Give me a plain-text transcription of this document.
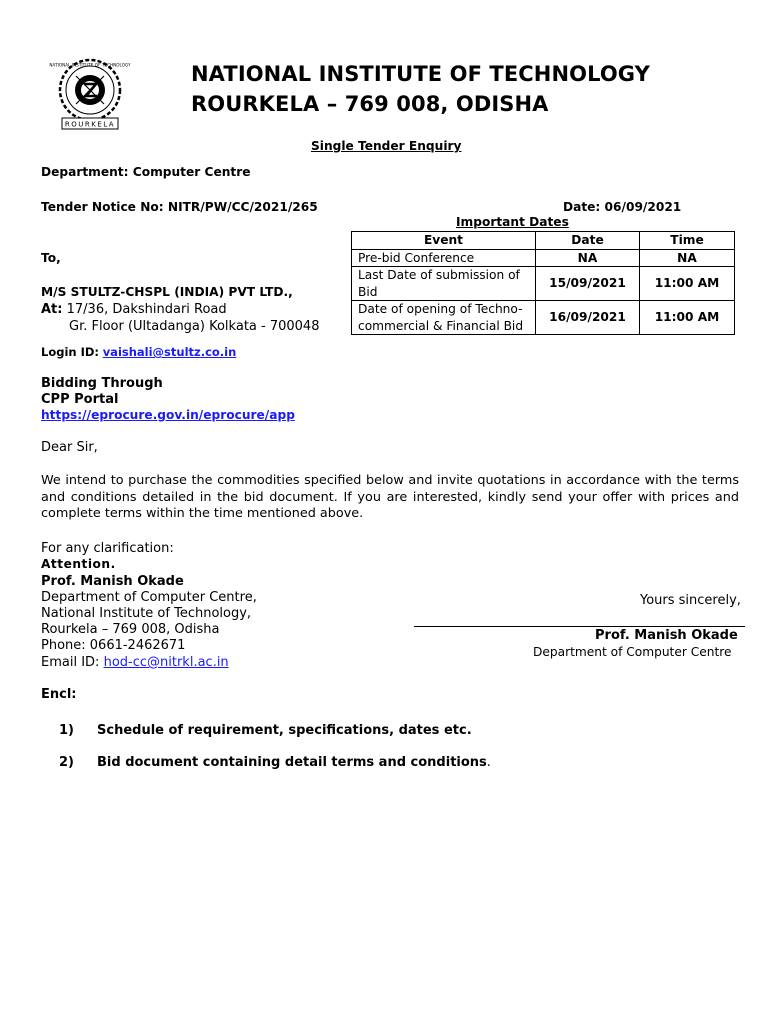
NATIONAL INSTITUTE OF TECHNOLOGY
ROURKELA
NATIONAL INSTITUTE OF TECHNOLOGY
ROURKELA – 769 008, ODISHA
Single Tender Enquiry
Department: Computer Centre
Tender Notice No: NITR/PW/CC/2021/265	Date: 06/09/2021
Important Dates
Event	Date	Time
Pre-bid Conference	NA	NA
Last Date of submission of Bid	15/09/2021	11:00 AM
Date of opening of Techno-commercial & Financial Bid	16/09/2021	11:00 AM
To,
M/S STULTZ-CHSPL (INDIA) PVT LTD.,
At: 17/36, Dakshindari Road
Gr. Floor (Ultadanga) Kolkata - 700048
Login ID: vaishali@stultz.co.in
Bidding Through
CPP Portal
https://eprocure.gov.in/eprocure/app
Dear Sir,
We intend to purchase the commodities specified below and invite quotations in accordance with the terms and conditions detailed in the bid document. If you are interested, kindly send your offer with prices and complete terms within the time mentioned above.
For any clarification:
Attention.
Prof. Manish Okade
Department of Computer Centre,
National Institute of Technology,
Rourkela – 769 008, Odisha
Phone: 0661-2462671
Email ID: hod-cc@nitrkl.ac.in
Yours sincerely,
Prof. Manish Okade
Department of Computer Centre
Encl:
1) Schedule of requirement, specifications, dates etc.
2) Bid document containing detail terms and conditions.
